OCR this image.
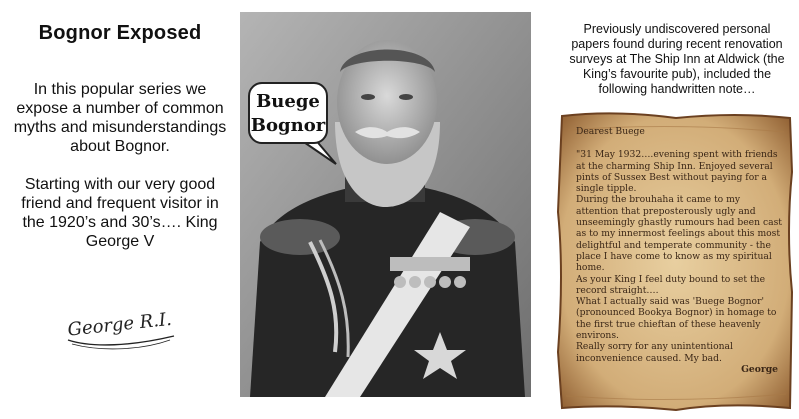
Bognor Exposed

In this popular series we expose a number of common myths and misunderstandings about Bognor.

Starting with our very good friend and frequent visitor in the 1920’s and 30’s…. King George V

George R.I.
Buege
Bognor
Previously undiscovered personal papers found during recent renovation surveys at The Ship Inn at Aldwick (the King’s favourite pub), included the following handwritten note…
Dearest Buege
"31 May 1932….evening spent with friends at the charming Ship Inn. Enjoyed several pints of Sussex Best without paying for a single tipple.
During the brouhaha it came to my attention that preposterously ugly and unseemingly ghastly rumours had been cast as to my innermost feelings about this most delightful and temperate community - the place I have come to know as my spiritual home.
As your King I feel duty bound to set the record straight….
What I actually said was 'Buege Bognor' (pronounced Bookya Bognor) in homage to the first true chieftan of these heavenly environs.
Really sorry for any unintentional inconvenience caused. My bad.
George
